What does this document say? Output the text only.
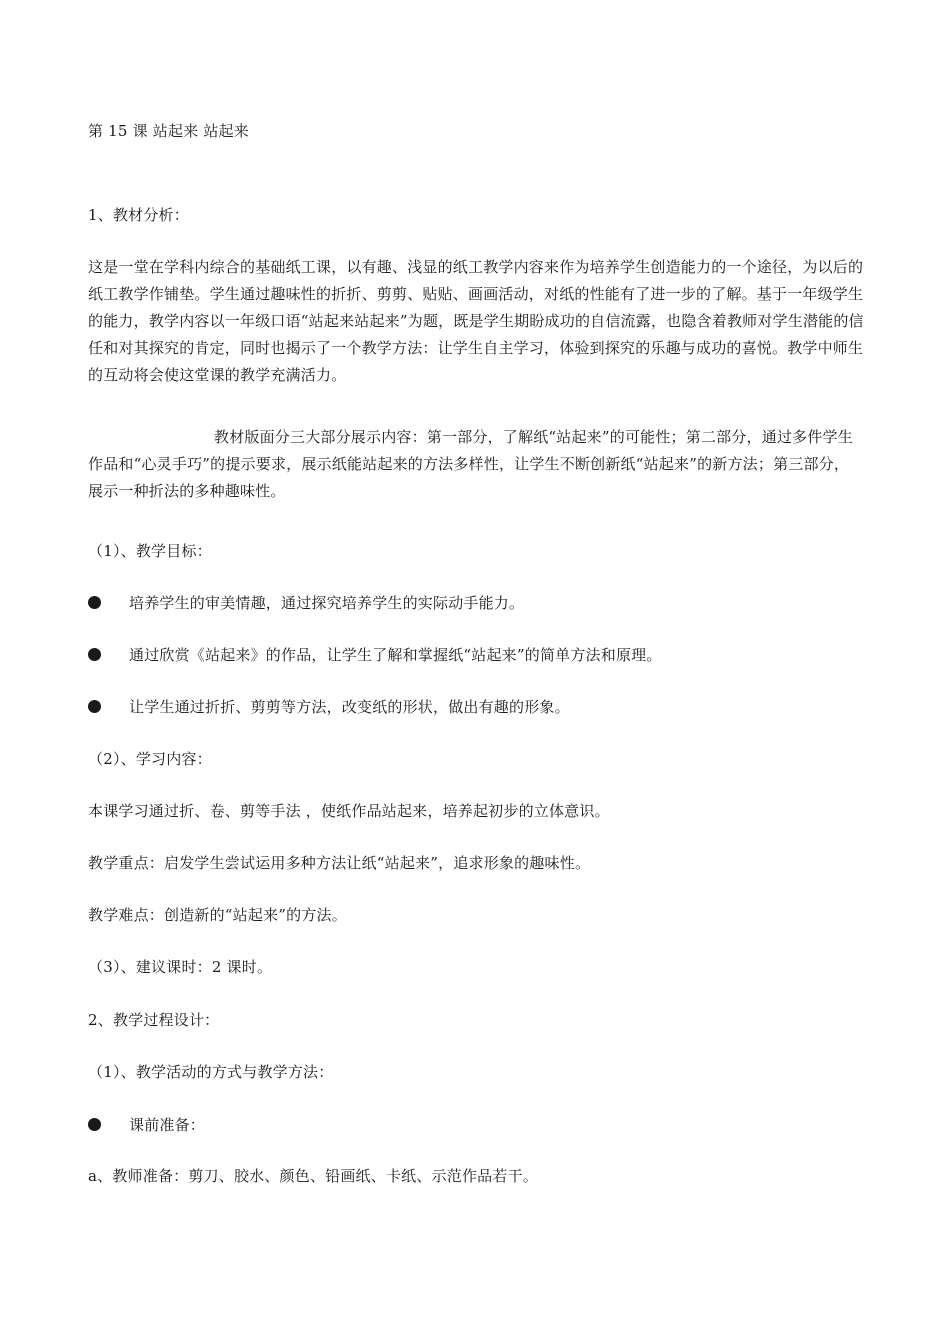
第 15 课 站起来 站起来
1、教材分析：
这是一堂在学科内综合的基础纸工课，以有趣、浅显的纸工教学内容来作为培养学生创造能力的一个途径，为以后的纸工教学作铺垫。学生通过趣味性的折折、剪剪、贴贴、画画活动，对纸的性能有了进一步的了解。基于一年级学生的能力，教学内容以一年级口语“站起来站起来”为题，既是学生期盼成功的自信流露，也隐含着教师对学生潜能的信任和对其探究的肯定，同时也揭示了一个教学方法：让学生自主学习，体验到探究的乐趣与成功的喜悦。教学中师生的互动将会使这堂课的教学充满活力。
教材版面分三大部分展示内容：第一部分，了解纸“站起来”的可能性；第二部分，通过多件学生作品和“心灵手巧”的提示要求，展示纸能站起来的方法多样性，让学生不断创新纸“站起来”的新方法；第三部分，展示一种折法的多种趣味性。
（1）、教学目标：
培养学生的审美情趣，通过探究培养学生的实际动手能力。
通过欣赏《站起来》的作品，让学生了解和掌握纸“站起来”的简单方法和原理。
让学生通过折折、剪剪等方法，改变纸的形状，做出有趣的形象。
（2）、学习内容：
本课学习通过折、卷、剪等手法 ，使纸作品站起来，培养起初步的立体意识。
教学重点：启发学生尝试运用多种方法让纸“站起来”，追求形象的趣味性。
教学难点：创造新的“站起来”的方法。
（3）、建议课时：2 课时。
2、教学过程设计：
（1）、教学活动的方式与教学方法：
课前准备：
a、教师准备：剪刀、胶水、颜色、铅画纸、卡纸、示范作品若干。
